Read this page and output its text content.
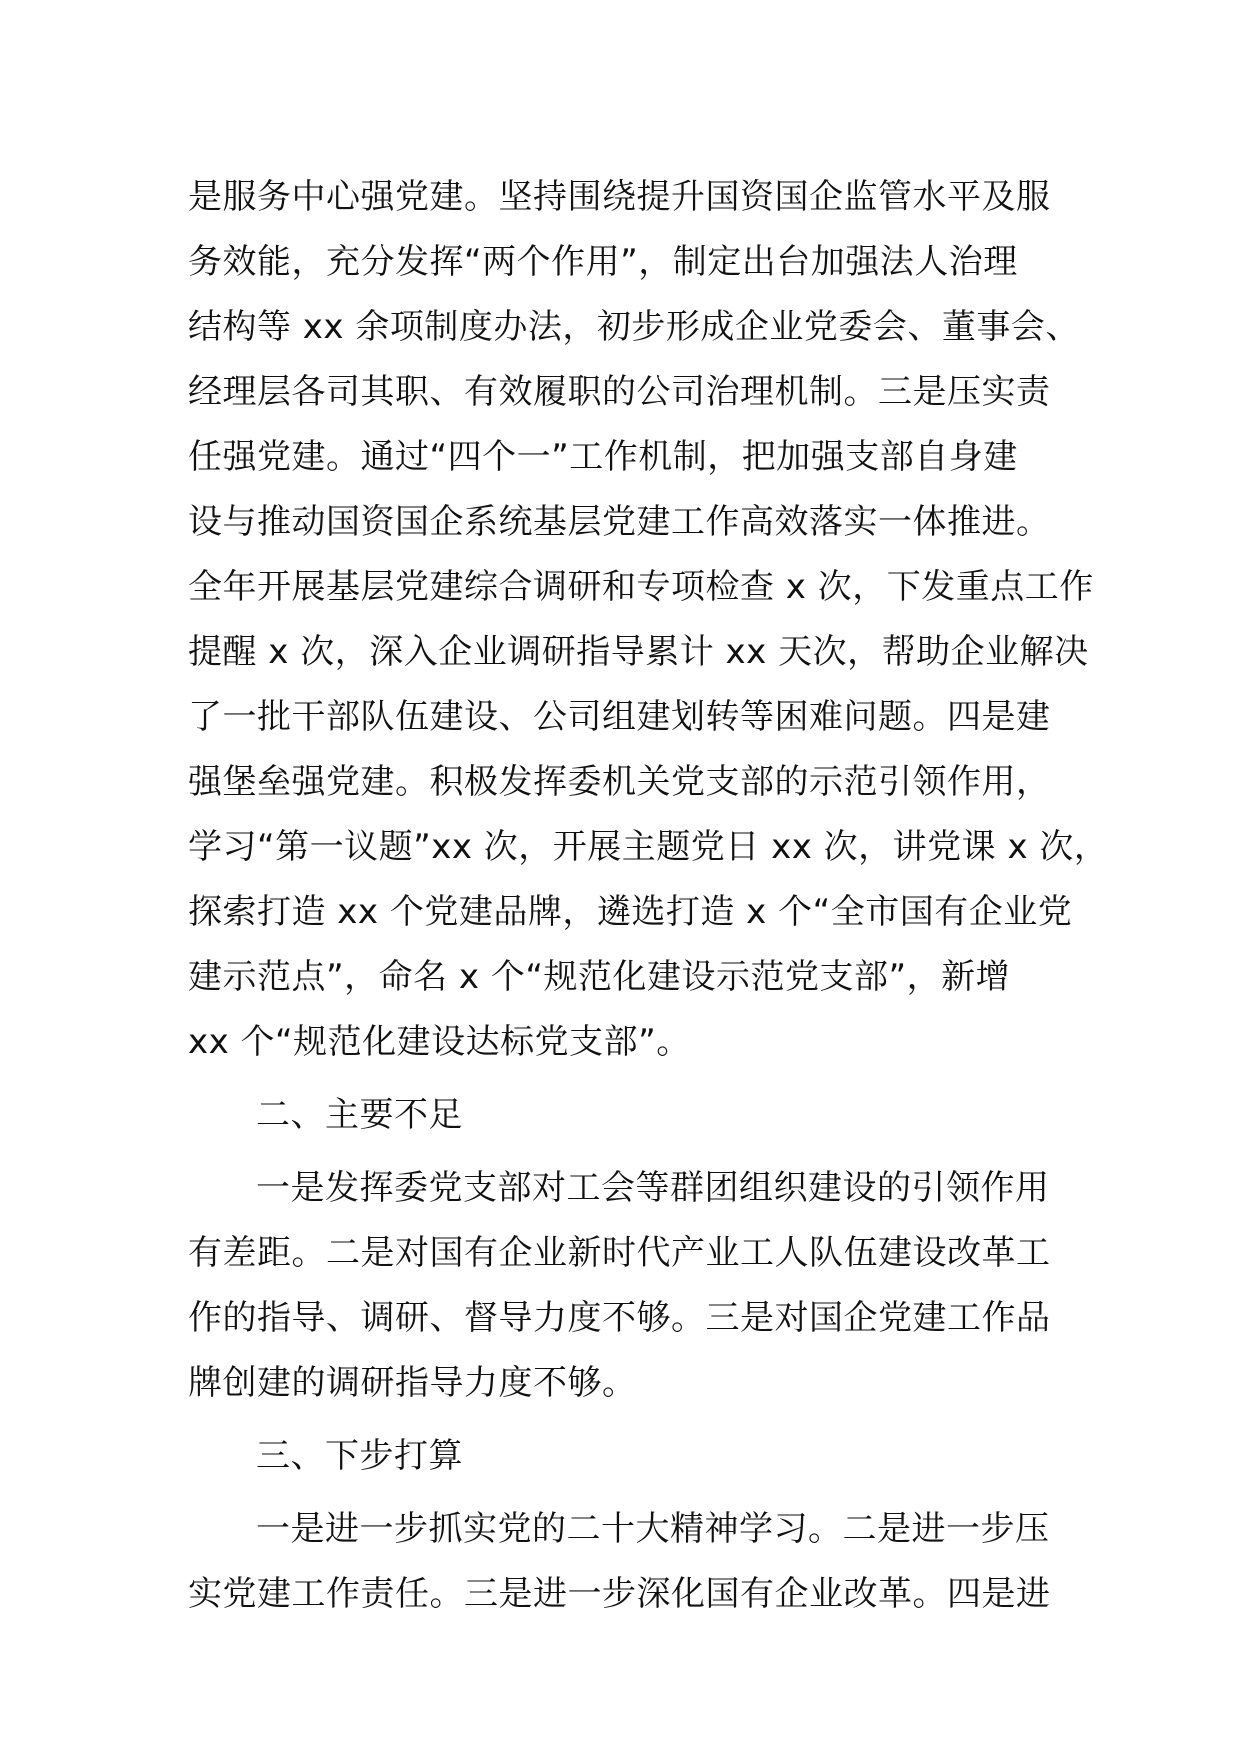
是服务中心强党建。坚持围绕提升国资国企监管水平及服
务效能，充分发挥“两个作用”，制定出台加强法人治理
结构等 xx 余项制度办法，初步形成企业党委会、董事会、
经理层各司其职、有效履职的公司治理机制。三是压实责
任强党建。通过“四个一”工作机制，把加强支部自身建
设与推动国资国企系统基层党建工作高效落实一体推进。
全年开展基层党建综合调研和专项检查 x 次，下发重点工作
提醒 x 次，深入企业调研指导累计 xx 天次，帮助企业解决
了一批干部队伍建设、公司组建划转等困难问题。四是建
强堡垒强党建。积极发挥委机关党支部的示范引领作用，
学习“第一议题”xx 次，开展主题党日 xx 次，讲党课 x 次，
探索打造 xx 个党建品牌，遴选打造 x 个“全市国有企业党
建示范点”，命名 x 个“规范化建设示范党支部”，新增
xx 个“规范化建设达标党支部”。
二、主要不足
一是发挥委党支部对工会等群团组织建设的引领作用
有差距。二是对国有企业新时代产业工人队伍建设改革工
作的指导、调研、督导力度不够。三是对国企党建工作品
牌创建的调研指导力度不够。
三、下步打算
一是进一步抓实党的二十大精神学习。二是进一步压
实党建工作责任。三是进一步深化国有企业改革。四是进
